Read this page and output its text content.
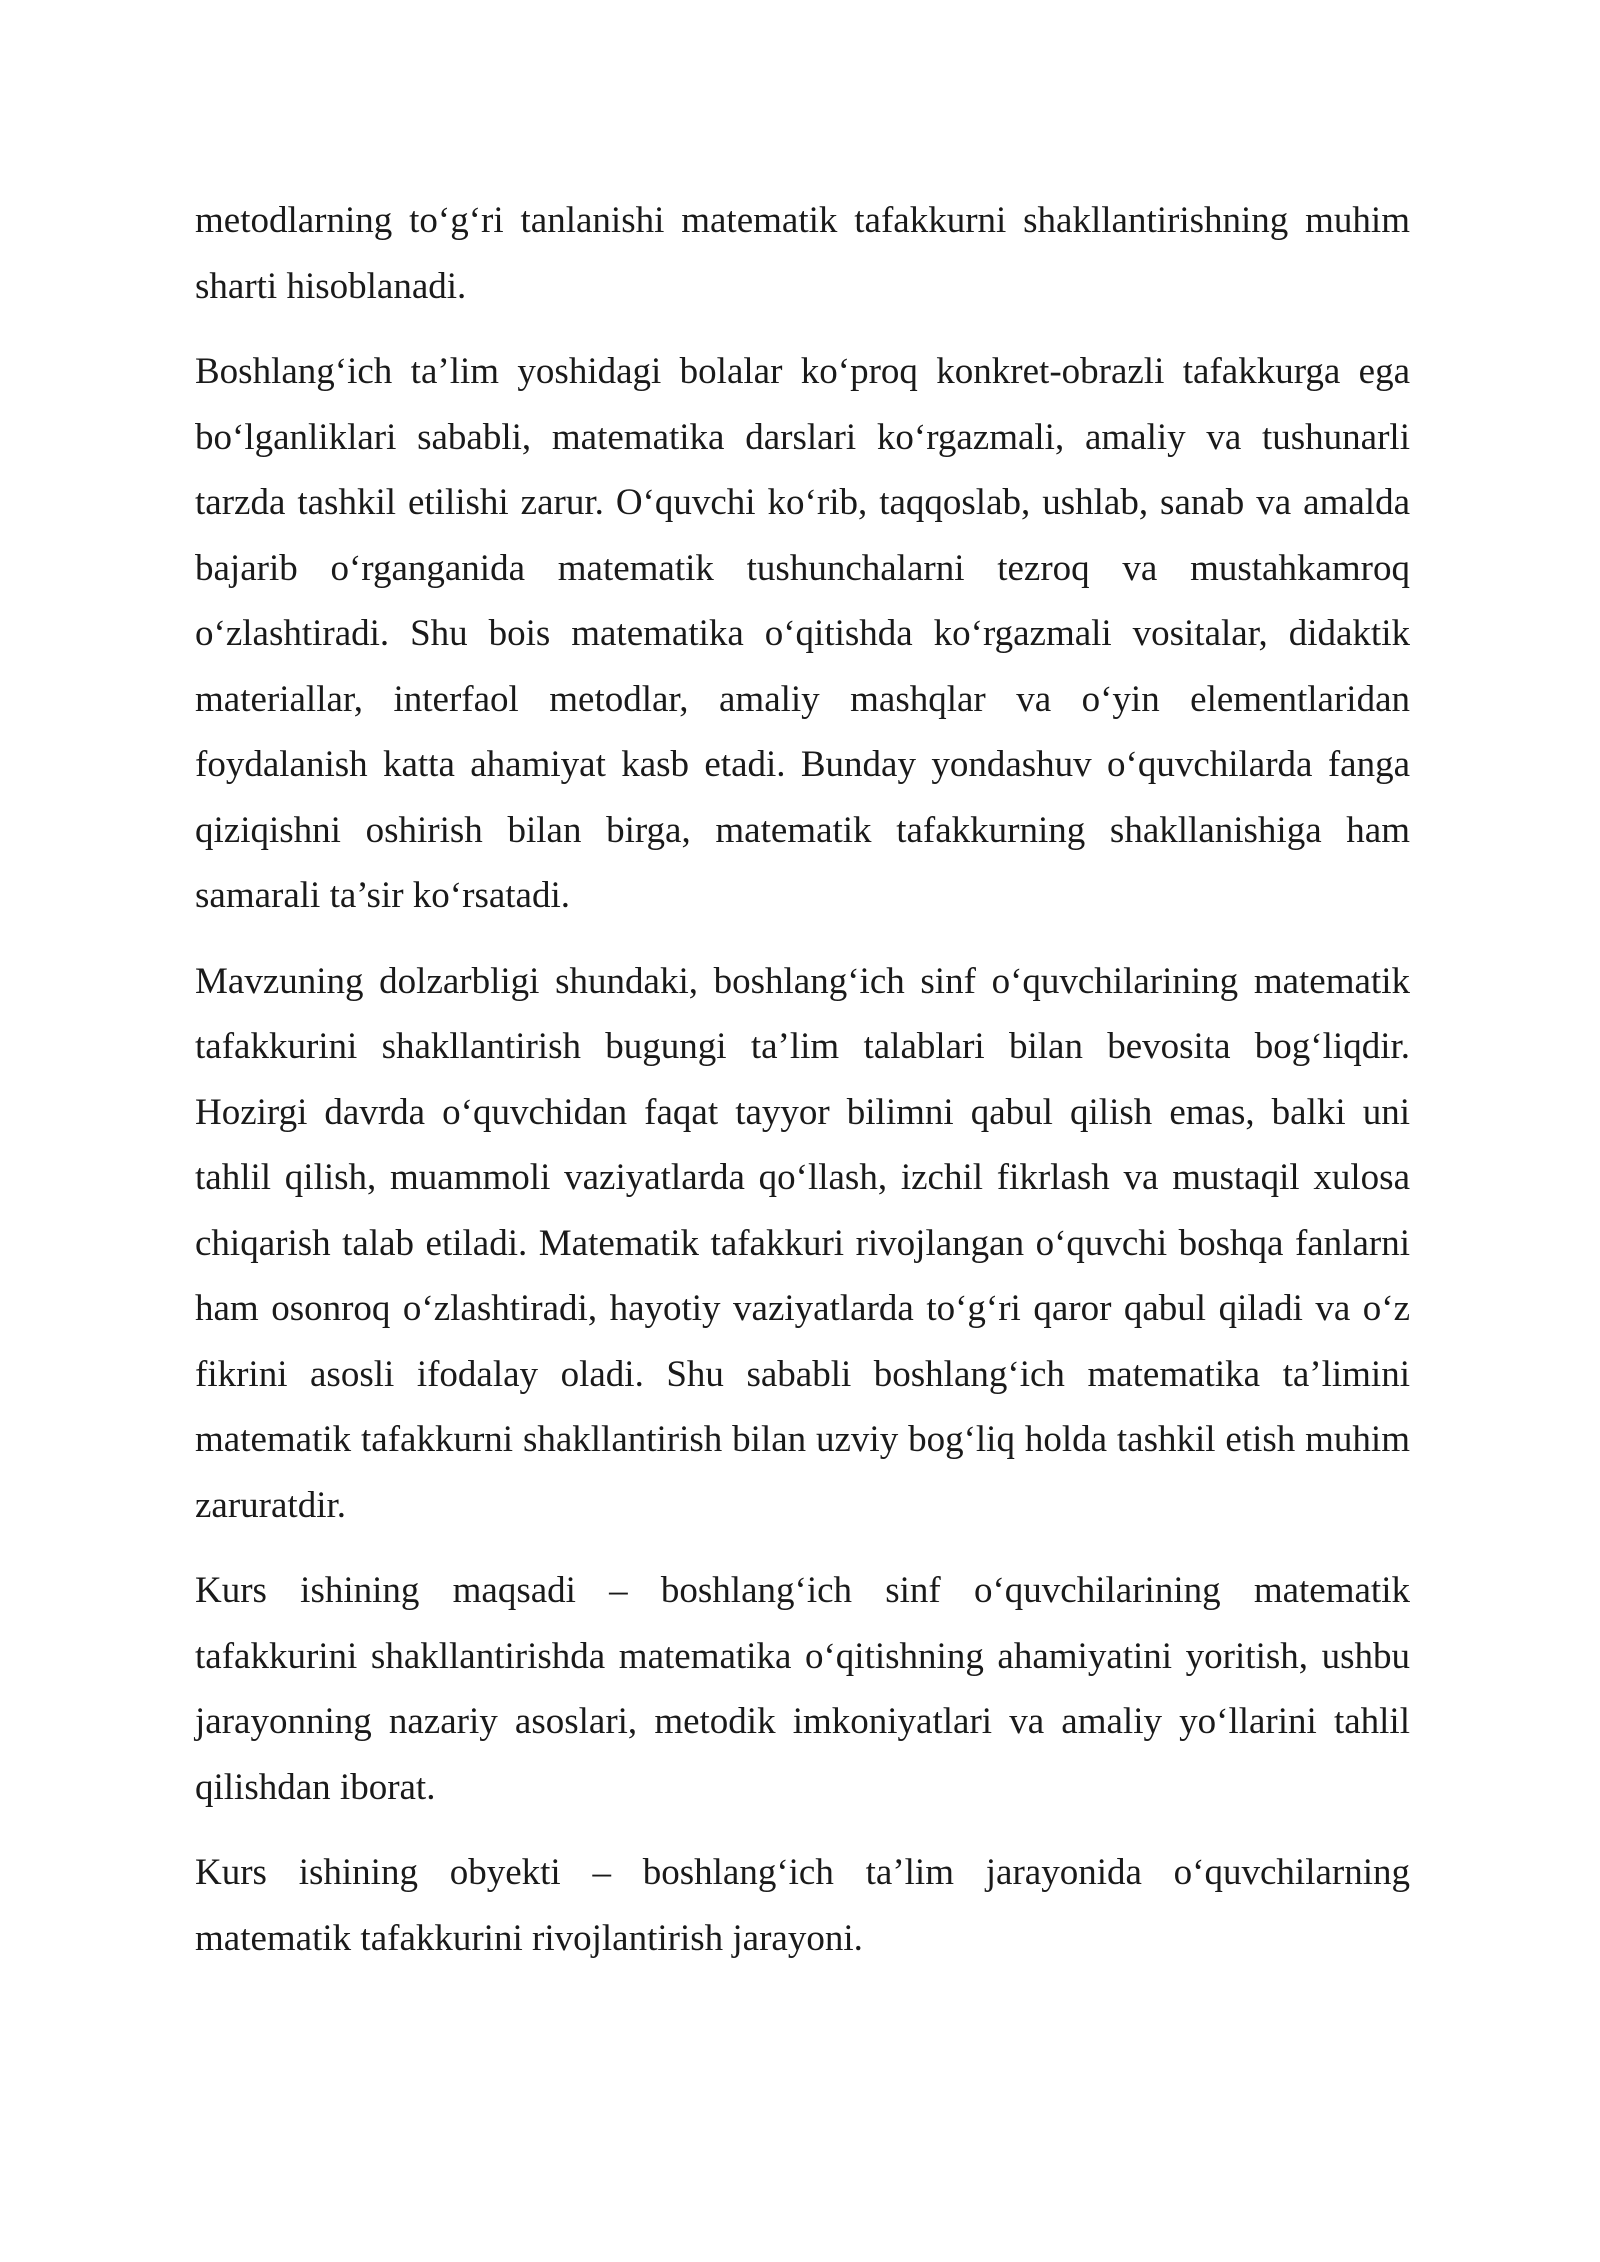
metodlarning to‘g‘ri tanlanishi matematik tafakkurni shakllantirishning muhim sharti hisoblanadi.

Boshlang‘ich ta’lim yoshidagi bolalar ko‘proq konkret-obrazli tafakkurga ega bo‘lganliklari sababli, matematika darslari ko‘rgazmali, amaliy va tushunarli tarzda tashkil etilishi zarur. O‘quvchi ko‘rib, taqqoslab, ushlab, sanab va amalda bajarib o‘rganganida matematik tushunchalarni tezroq va mustahkamroq o‘zlashtiradi. Shu bois matematika o‘qitishda ko‘rgazmali vositalar, didaktik materiallar, interfaol metodlar, amaliy mashqlar va o‘yin elementlaridan foydalanish katta ahamiyat kasb etadi. Bunday yondashuv o‘quvchilarda fanga qiziqishni oshirish bilan birga, matematik tafakkurning shakllanishiga ham samarali ta’sir ko‘rsatadi.

Mavzuning dolzarbligi shundaki, boshlang‘ich sinf o‘quvchilarining matematik tafakkurini shakllantirish bugungi ta’lim talablari bilan bevosita bog‘liqdir. Hozirgi davrda o‘quvchidan faqat tayyor bilimni qabul qilish emas, balki uni tahlil qilish, muammoli vaziyatlarda qo‘llash, izchil fikrlash va mustaqil xulosa chiqarish talab etiladi. Matematik tafakkuri rivojlangan o‘quvchi boshqa fanlarni ham osonroq o‘zlashtiradi, hayotiy vaziyatlarda to‘g‘ri qaror qabul qiladi va o‘z fikrini asosli ifodalay oladi. Shu sababli boshlang‘ich matematika ta’limini matematik tafakkurni shakllantirish bilan uzviy bog‘liq holda tashkil etish muhim zaruratdir.

Kurs ishining maqsadi – boshlang‘ich sinf o‘quvchilarining matematik tafakkurini shakllantirishda matematika o‘qitishning ahamiyatini yoritish, ushbu jarayonning nazariy asoslari, metodik imkoniyatlari va amaliy yo‘llarini tahlil qilishdan iborat.

Kurs ishining obyekti – boshlang‘ich ta’lim jarayonida o‘quvchilarning matematik tafakkurini rivojlantirish jarayoni.
